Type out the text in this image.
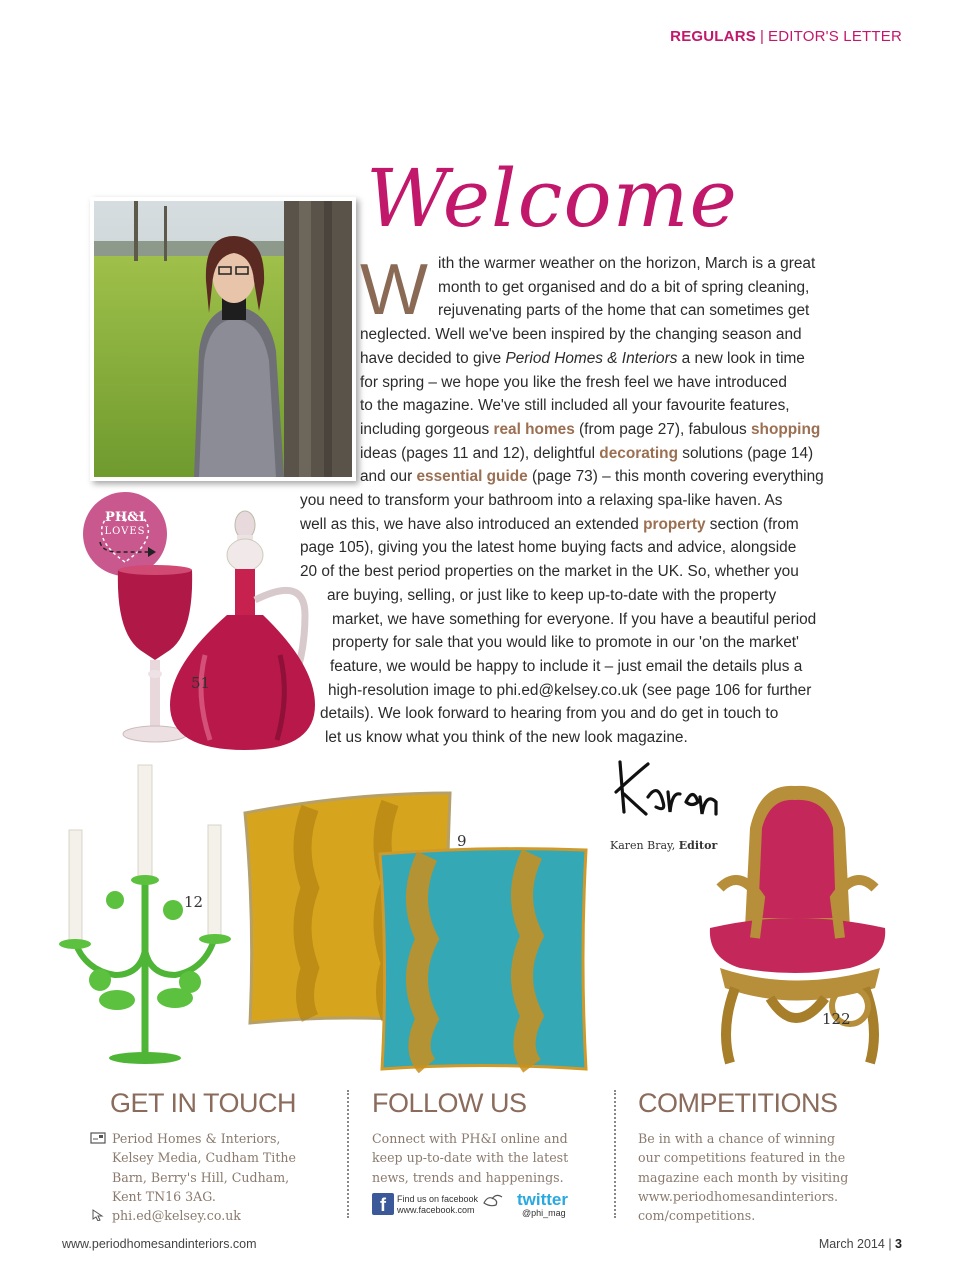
REGULARS | EDITOR'S LETTER
Welcome
W ith the warmer weather on the horizon, March is a great
month to get organised and do a bit of spring cleaning,
rejuvenating parts of the home that can sometimes get
neglected. Well we've been inspired by the changing season and
have decided to give Period Homes & Interiors a new look in time
for spring – we hope you like the fresh feel we have introduced
to the magazine. We've still included all your favourite features,
including gorgeous real homes (from page 27), fabulous shopping
ideas (pages 11 and 12), delightful decorating solutions (page 14)
and our essential guide (page 73) – this month covering everything
you need to transform your bathroom into a relaxing spa-like haven. As
well as this, we have also introduced an extended property section (from
page 105), giving you the latest home buying facts and advice, alongside
20 of the best period properties on the market in the UK. So, whether you
are buying, selling, or just like to keep up-to-date with the property
market, we have something for everyone. If you have a beautiful period
property for sale that you would like to promote in our 'on the market'
feature, we would be happy to include it – just email the details plus a
high-resolution image to phi.ed@kelsey.co.uk (see page 106 for further
details). We look forward to hearing from you and do get in touch to
let us know what you think of the new look magazine.
PH&I
LOVES
51
12
9	Karen Bray, Editor
122
GET IN TOUCH

Period Homes & Interiors,

Kelsey Media, Cudham Tithe

Barn, Berry's Hill, Cudham,

Kent TN16 3AG.

phi.ed@kelsey.co.uk

FOLLOW US

Connect with PH&I online and

keep up-to-date with the latest

news, trends and happenings.

f	Find us on facebook
www.facebook.com
twitter
@phi_mag
COMPETITIONS

Be in with a chance of winning

our competitions featured in the

magazine each month by visiting

www.periodhomesandinteriors.

com/competitions.

www.periodhomesandinteriors.com	March 2014 | 3
